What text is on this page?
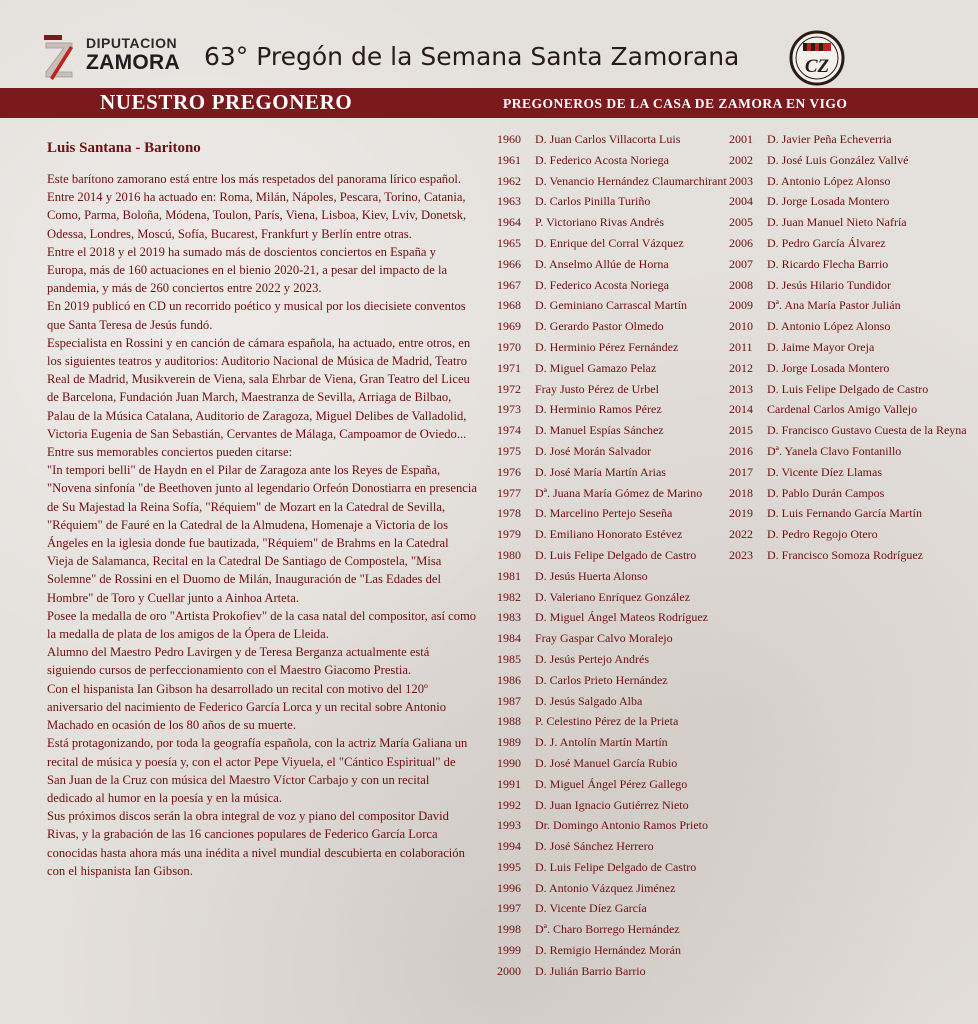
DIPUTACION
ZAMORA 63° Pregón de la Semana Santa Zamorana	CZ
NUESTRO PREGONERO	PREGONEROS DE LA CASA DE ZAMORA EN VIGO
Luis Santana - Baritono

Este barítono zamorano está entre los más respetados del panorama lírico español.

Entre 2014 y 2016 ha actuado en: Roma, Milán, Nápoles, Pescara, Torino, Catania, Como, Parma, Boloña, Módena, Toulon, París, Viena, Lisboa, Kiev, Lviv, Donetsk, Odessa, Londres, Moscú, Sofía, Bucarest, Frankfurt y Berlín entre otras.

Entre el 2018 y el 2019 ha sumado más de doscientos conciertos en España y Europa, más de 160 actuaciones en el bienio 2020-21, a pesar del impacto de la pandemia, y más de 260 conciertos entre 2022 y 2023.

En 2019 publicó en CD un recorrido poético y musical por los diecisiete conventos que Santa Teresa de Jesús fundó.

Especialista en Rossini y en canción de cámara española, ha actuado, entre otros, en los siguientes teatros y auditorios: Auditorio Nacional de Música de Madrid, Teatro Real de Madrid, Musikverein de Viena, sala Ehrbar de Viena, Gran Teatro del Liceu de Barcelona, Fundación Juan March, Maestranza de Sevilla, Arriaga de Bilbao, Palau de la Música Catalana, Auditorio de Zaragoza, Miguel Delibes de Valladolid, Victoria Eugenia de San Sebastián, Cervantes de Málaga, Campoamor de Oviedo...

Entre sus memorables conciertos pueden citarse:

"In tempori belli" de Haydn en el Pilar de Zaragoza ante los Reyes de España, "Novena sinfonía "de Beethoven junto al legendario Orfeón Donostiarra en presencia de Su Majestad la Reina Sofía, "Réquiem" de Mozart en la Catedral de Sevilla, "Réquiem" de Fauré en la Catedral de la Almudena, Homenaje a Victoria de los Ángeles en la iglesia donde fue bautizada, "Réquiem" de Brahms en la Catedral Vieja de Salamanca, Recital en la Catedral De Santiago de Compostela, "Misa Solemne" de Rossini en el Duomo de Milán, Inauguración de "Las Edades del Hombre" de Toro y Cuellar junto a Ainhoa Arteta.

Posee la medalla de oro "Artista Prokofiev" de la casa natal del compositor, así como la medalla de plata de los amigos de la Ópera de Lleida.

Alumno del Maestro Pedro Lavirgen y de Teresa Berganza actualmente está siguiendo cursos de perfeccionamiento con el Maestro Giacomo Prestia.

Con el hispanista Ian Gibson ha desarrollado un recital con motivo del 120º aniversario del nacimiento de Federico García Lorca y un recital sobre Antonio Machado en ocasión de los 80 años de su muerte.

Está protagonizando, por toda la geografía española, con la actriz María Galiana un recital de música y poesía y, con el actor Pepe Viyuela, el "Cántico Espiritual" de San Juan de la Cruz con música del Maestro Víctor Carbajo y con un recital dedicado al humor en la poesía y en la música.

Sus próximos discos serán la obra integral de voz y piano del compositor David Rivas, y la grabación de las 16 canciones populares de Federico García Lorca conocidas hasta ahora más una inédita a nivel mundial descubierta en colaboración con el hispanista Ian Gibson.

1960 D. Juan Carlos Villacorta Luis
1961 D. Federico Acosta Noriega
1962 D. Venancio Hernández Claumarchirant
1963 D. Carlos Pinilla Turiño
1964 P. Victoriano Rivas Andrés
1965 D. Enrique del Corral Vázquez
1966 D. Anselmo Allúe de Horna
1967 D. Federico Acosta Noriega
1968 D. Geminiano Carrascal Martín
1969 D. Gerardo Pastor Olmedo
1970 D. Herminio Pérez Fernández
1971 D. Miguel Gamazo Pelaz
1972 Fray Justo Pérez de Urbel
1973 D. Herminio Ramos Pérez
1974 D. Manuel Espías Sánchez
1975 D. José Morán Salvador
1976 D. José María Martín Arias
1977 Dª. Juana María Gómez de Marino
1978 D. Marcelino Pertejo Seseña
1979 D. Emiliano Honorato Estévez
1980 D. Luis Felipe Delgado de Castro
1981 D. Jesús Huerta Alonso
1982 D. Valeriano Enríquez González
1983 D. Miguel Ángel Mateos Rodríguez
1984 Fray Gaspar Calvo Moralejo
1985 D. Jesús Pertejo Andrés
1986 D. Carlos Prieto Hernández
1987 D. Jesús Salgado Alba
1988 P. Celestino Pérez de la Prieta
1989 D. J. Antolín Martín Martín
1990 D. José Manuel García Rubio
1991 D. Miguel Ángel Pérez Gallego
1992 D. Juan Ignacio Gutiérrez Nieto
1993 Dr. Domingo Antonio Ramos Prieto
1994 D. José Sánchez Herrero
1995 D. Luis Felipe Delgado de Castro
1996 D. Antonio Vázquez Jiménez
1997 D. Vicente Díez García
1998 Dª. Charo Borrego Hernández
1999 D. Remigio Hernández Morán
2000 D. Julián Barrio Barrio
2001 D. Javier Peña Echeverria
2002 D. José Luis González Vallvé
2003 D. Antonio López Alonso
2004 D. Jorge Losada Montero
2005 D. Juan Manuel Nieto Nafría
2006 D. Pedro García Álvarez
2007 D. Ricardo Flecha Barrio
2008 D. Jesús Hilario Tundidor
2009 Dª. Ana María Pastor Julián
2010 D. Antonio López Alonso
2011 D. Jaime Mayor Oreja
2012 D. Jorge Losada Montero
2013 D. Luis Felipe Delgado de Castro
2014 Cardenal Carlos Amigo Vallejo
2015 D. Francisco Gustavo Cuesta de la Reyna
2016 Dª. Yanela Clavo Fontanillo
2017 D. Vicente Díez Llamas
2018 D. Pablo Durán Campos
2019 D. Luis Fernando García Martín
2022 D. Pedro Regojo Otero
2023 D. Francisco Somoza Rodríguez
